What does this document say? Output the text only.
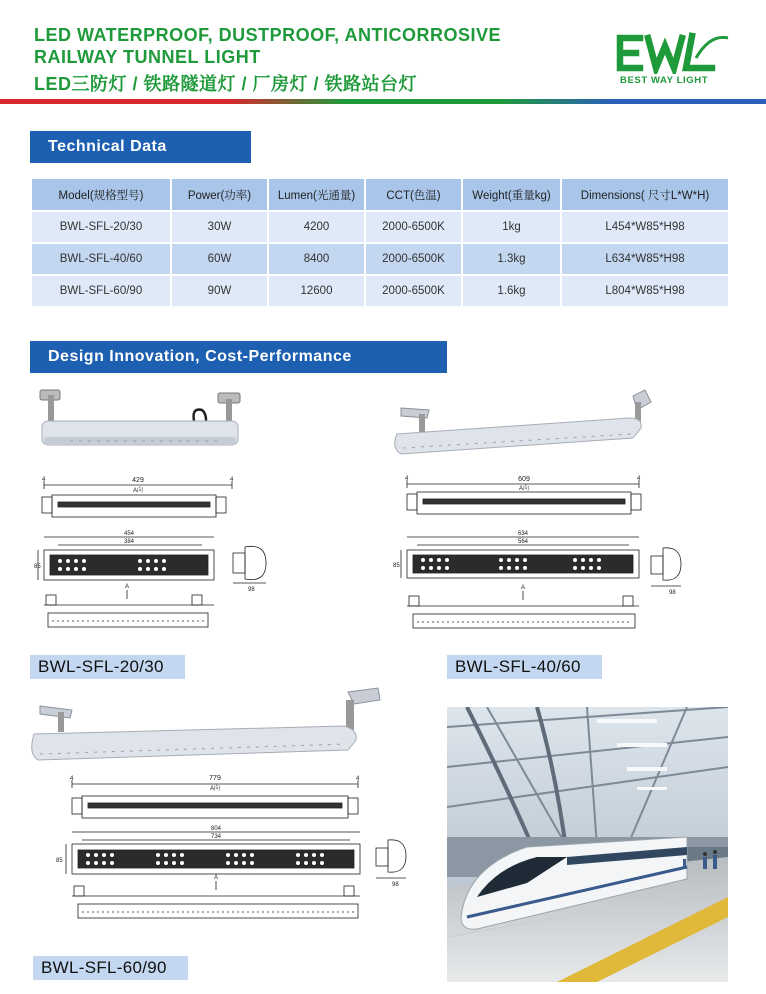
LED WATERPROOF, DUSTPROOF, ANTICORROSIVE
RAILWAY TUNNEL LIGHT
LED三防灯 / 铁路隧道灯 / 厂房灯 / 铁路站台灯	BEST WAY LIGHT
Technical Data
Model(规格型号)	Power(功率)	Lumen(光通量)	CCT(色温)	Weight(重量kg)	Dimensions( 尺寸L*W*H)
BWL-SFL-20/30	30W	4200	2000-6500K	1kg	L454*W85*H98
BWL-SFL-40/60	60W	8400	2000-6500K	1.3kg	L634*W85*H98
BWL-SFL-60/90	90W	12600	2000-6500K	1.6kg	L804*W85*H98
Design Innovation, Cost-Performance
429
A向
4	4
454
384
85
98
A
BWL-SFL-20/30
609
A向
4	4
634
564
85
98
A
BWL-SFL-40/60
779
A向
4	4
804
734
85
98
A
BWL-SFL-60/90
